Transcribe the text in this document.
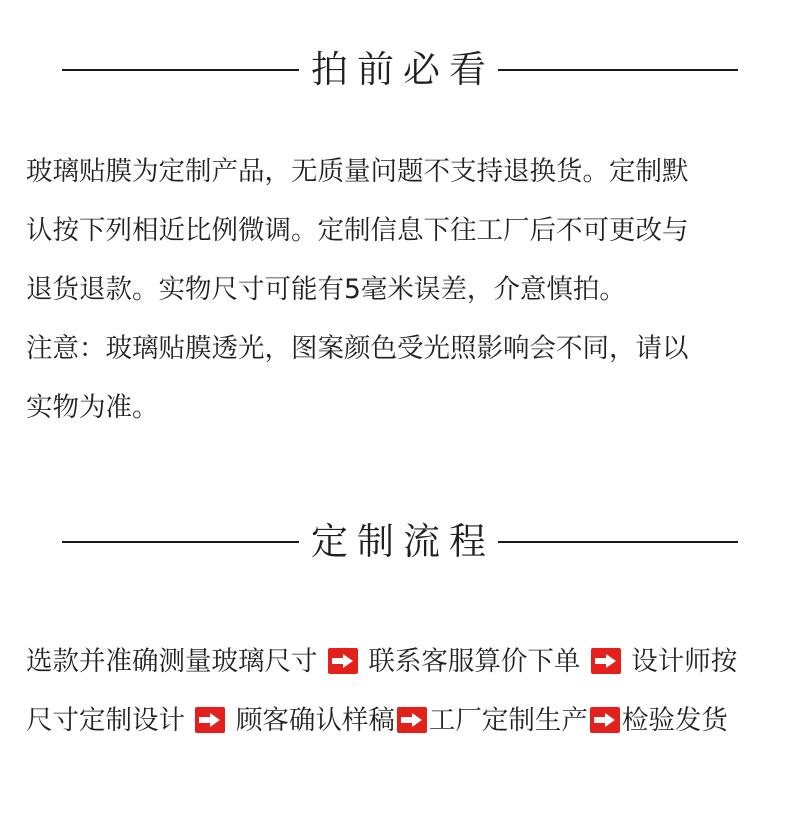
拍前必看
玻璃贴膜为定制产品，无质量问题不支持退换货。定制默
认按下列相近比例微调。定制信息下往工厂后不可更改与
退货退款。实物尺寸可能有5毫米误差，介意慎拍。
注意：玻璃贴膜透光，图案颜色受光照影响会不同，请以
实物为准。
定制流程
选款并准确测量玻璃尺寸 联系客服算价下单 设计师按
尺寸定制设计 顾客确认样稿 工厂定制生产 检验发货
